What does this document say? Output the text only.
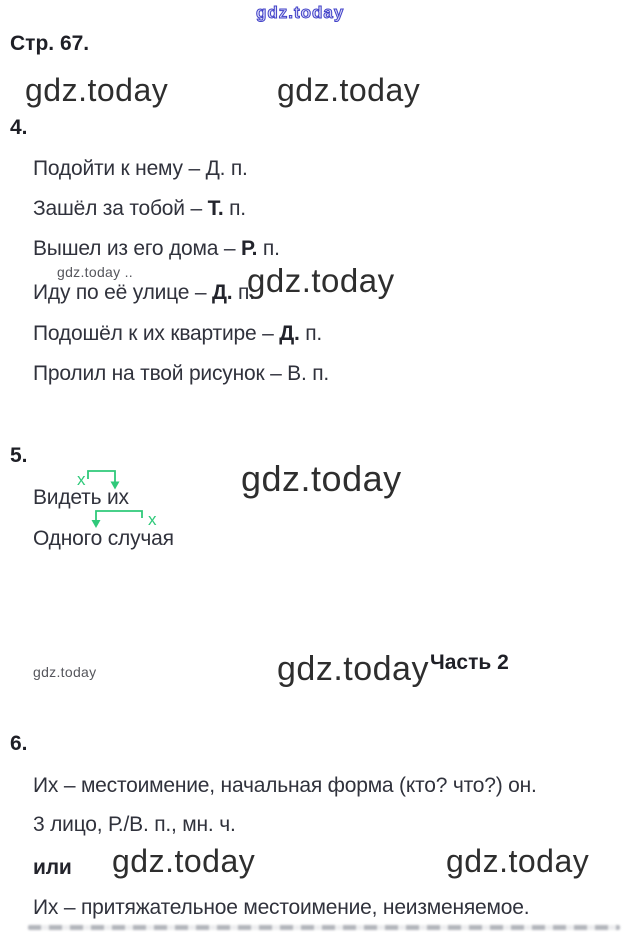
gdz.today
Стр. 67.
gdz.today	gdz.today
4.
Подойти к нему – Д. п.
Зашёл за тобой – Т. п.
Вышел из его дома – Р. п.
gdz.today ..
Иду по её улице – Д. п.
gdz.today
Подошёл к их квартире – Д. п.
Пролил на твой рисунок – В. п.
5.
gdz.today
х
Видеть их
х
Одного случая
gdz.today	gdz.today Часть 2
6.
Их – местоимение, начальная форма (кто? что?) он.
3 лицо, Р./В. п., мн. ч.
или gdz.today	gdz.today
Их – притяжательное местоимение, неизменяемое.
